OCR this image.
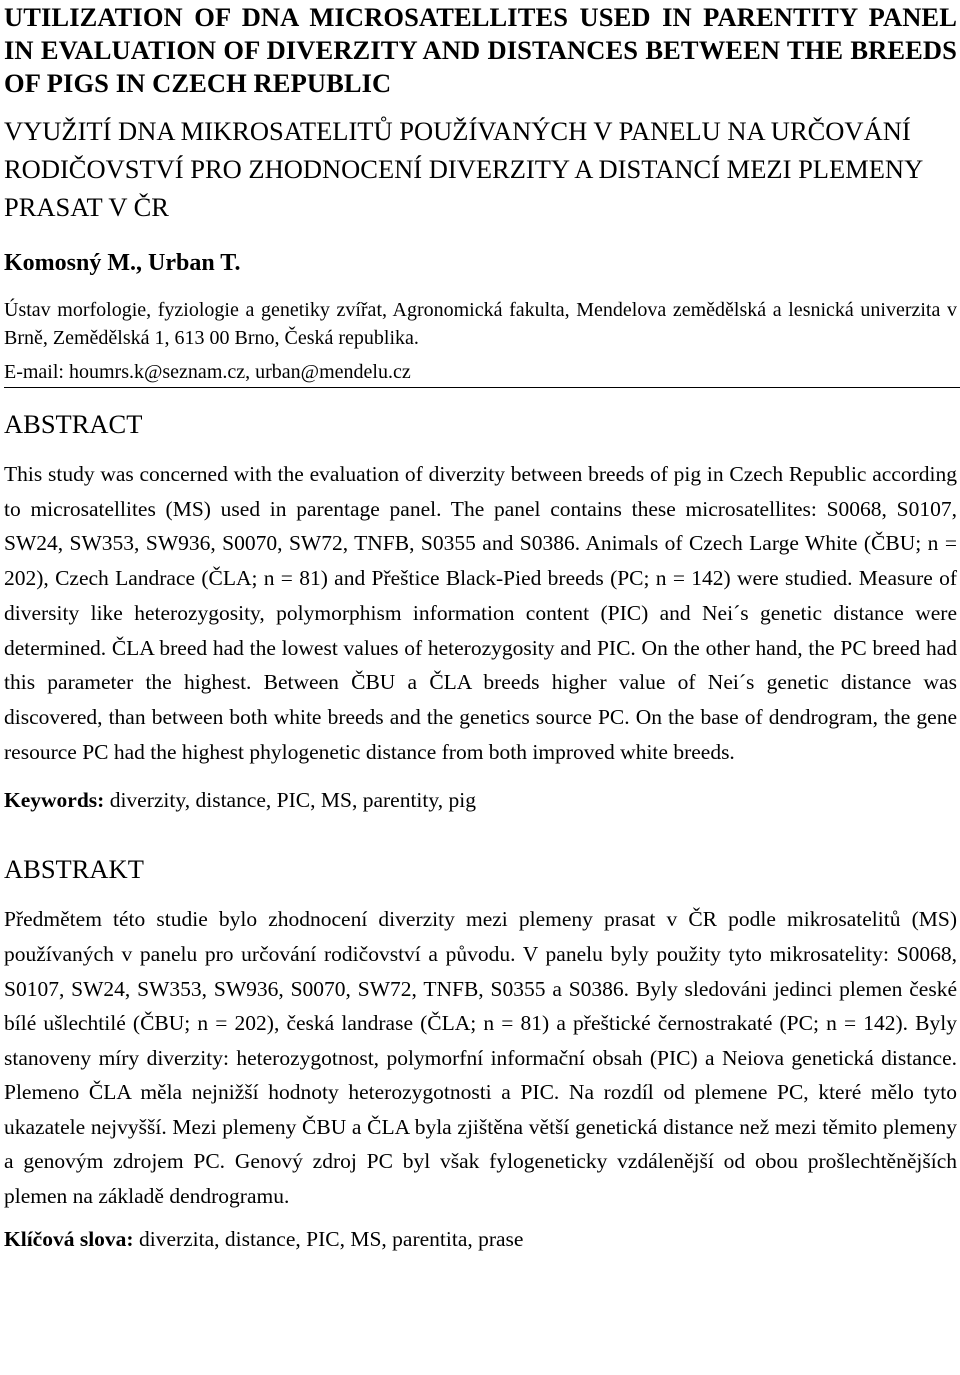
UTILIZATION OF DNA MICROSATELLITES USED IN PARENTITY PANEL IN EVALUATION OF DIVERZITY AND DISTANCES BETWEEN THE BREEDS OF PIGS IN CZECH REPUBLIC
VYUŽITÍ DNA MIKROSATELITŮ POUŽÍVANÝCH V PANELU NA URČOVÁNÍ RODIČOVSTVÍ PRO ZHODNOCENÍ DIVERZITY A DISTANCÍ MEZI PLEMENY PRASAT V ČR

Komosný M., Urban T.

Ústav morfologie, fyziologie a genetiky zvířat, Agronomická fakulta, Mendelova zemědělská a lesnická univerzita v Brně, Zemědělská 1, 613 00 Brno, Česká republika.

E-mail: houmrs.k@seznam.cz, urban@mendelu.cz

ABSTRACT

This study was concerned with the evaluation of diverzity between breeds of pig in Czech Republic according to microsatellites (MS) used in parentage panel. The panel contains these microsatellites: S0068, S0107, SW24, SW353, SW936, S0070, SW72, TNFB, S0355 and S0386. Animals of Czech Large White (ČBU; n = 202), Czech Landrace (ČLA; n = 81) and Přeštice Black-Pied breeds (PC; n = 142) were studied. Measure of diversity like heterozygosity, polymorphism information content (PIC) and Nei´s genetic distance were determined. ČLA breed had the lowest values of heterozygosity and PIC. On the other hand, the PC breed had this parameter the highest. Between ČBU a ČLA breeds higher value of Nei´s genetic distance was discovered, than between both white breeds and the genetics source PC. On the base of dendrogram, the gene resource PC had the highest phylogenetic distance from both improved white breeds.

Keywords: diverzity, distance, PIC, MS, parentity, pig

ABSTRAKT

Předmětem této studie bylo zhodnocení diverzity mezi plemeny prasat v ČR podle mikrosatelitů (MS) používaných v panelu pro určování rodičovství a původu. V panelu byly použity tyto mikrosatelity: S0068, S0107, SW24, SW353, SW936, S0070, SW72, TNFB, S0355 a S0386. Byly sledováni jedinci plemen české bílé ušlechtilé (ČBU; n = 202), česká landrase (ČLA; n = 81) a přeštické černostrakaté (PC; n = 142). Byly stanoveny míry diverzity: heterozygotnost, polymorfní informační obsah (PIC) a Neiova genetická distance. Plemeno ČLA měla nejnižší hodnoty heterozygotnosti a PIC. Na rozdíl od plemene PC, které mělo tyto ukazatele nejvyšší. Mezi plemeny ČBU a ČLA byla zjištěna větší genetická distance než mezi těmito plemeny a genovým zdrojem PC. Genový zdroj PC byl však fylogeneticky vzdálenější od obou prošlechtěnějších plemen na základě dendrogramu.

Klíčová slova: diverzita, distance, PIC, MS, parentita, prase
